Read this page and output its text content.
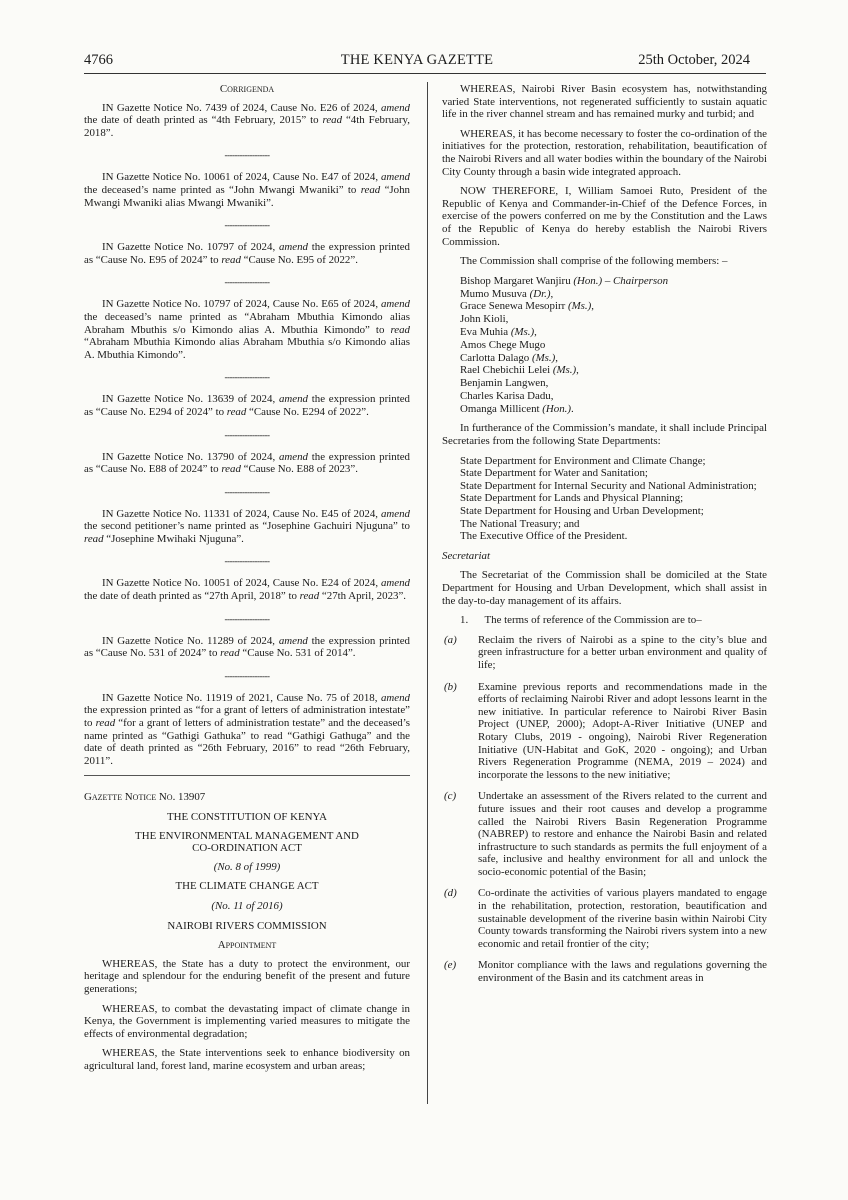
4766	THE KENYA GAZETTE	25th October, 2024

Corrigenda

IN Gazette Notice No. 7439 of 2024, Cause No. E26 of 2024, amend the date of death printed as “4th February, 2015” to read “4th February, 2018”.

------------------

IN Gazette Notice No. 10061 of 2024, Cause No. E47 of 2024, amend the deceased’s name printed as “John Mwangi Mwaniki” to read “John Mwangi Mwaniki alias Mwangi Mwaniki”.

------------------

IN Gazette Notice No. 10797 of 2024, amend the expression printed as “Cause No. E95 of 2024” to read “Cause No. E95 of 2022”.

------------------

IN Gazette Notice No. 10797 of 2024, Cause No. E65 of 2024, amend the deceased’s name printed as “Abraham Mbuthia Kimondo alias Abraham Mbuthis s/o Kimondo alias A. Mbuthia Kimondo” to read “Abraham Mbuthia Kimondo alias Abraham Mbuthia s/o Kimondo alias A. Mbuthia Kimondo”.

------------------

IN Gazette Notice No. 13639 of 2024, amend the expression printed as “Cause No. E294 of 2024” to read “Cause No. E294 of 2022”.

------------------

IN Gazette Notice No. 13790 of 2024, amend the expression printed as “Cause No. E88 of 2024” to read “Cause No. E88 of 2023”.

------------------

IN Gazette Notice No. 11331 of 2024, Cause No. E45 of 2024, amend the second petitioner’s name printed as “Josephine Gachuiri Njuguna” to read “Josephine Mwihaki Njuguna”.

------------------

IN Gazette Notice No. 10051 of 2024, Cause No. E24 of 2024, amend the date of death printed as “27th April, 2018” to read “27th April, 2023”.

------------------

IN Gazette Notice No. 11289 of 2024, amend the expression printed as “Cause No. 531 of 2024” to read “Cause No. 531 of 2014”.

------------------

IN Gazette Notice No. 11919 of 2021, Cause No. 75 of 2018, amend the expression printed as “for a grant of letters of administration intestate” to read “for a grant of letters of administration testate” and the deceased’s name printed as “Gathigi Gathuka” to read “Gathigi Gathuga” and the date of death printed as “26th February, 2016” to read “26th February, 2011”.

Gazette Notice No. 13907

THE CONSTITUTION OF KENYA

THE ENVIRONMENTAL MANAGEMENT AND

CO-ORDINATION ACT

(No. 8 of 1999)

THE CLIMATE CHANGE ACT

(No. 11 of 2016)

NAIROBI RIVERS COMMISSION

Appointment

WHEREAS, the State has a duty to protect the environment, our heritage and splendour for the enduring benefit of the present and future generations;

WHEREAS, to combat the devastating impact of climate change in Kenya, the Government is implementing varied measures to mitigate the effects of environmental degradation;

WHEREAS, the State interventions seek to enhance biodiversity on agricultural land, forest land, marine ecosystem and urban areas;

WHEREAS, Nairobi River Basin ecosystem has, notwithstanding varied State interventions, not regenerated sufficiently to sustain aquatic life in the river channel stream and has remained murky and turbid; and

WHEREAS, it has become necessary to foster the co-ordination of the initiatives for the protection, restoration, rehabilitation, beautification of the Nairobi Rivers and all water bodies within the boundary of the Nairobi City County through a basin wide integrated approach.

NOW THEREFORE, I, William Samoei Ruto, President of the Republic of Kenya and Commander-in-Chief of the Defence Forces, in exercise of the powers conferred on me by the Constitution and the Laws of the Republic of Kenya do hereby establish the Nairobi Rivers Commission.

The Commission shall comprise of the following members: –

Bishop Margaret Wanjiru (Hon.) – Chairperson

Mumo Musuva (Dr.),

Grace Senewa Mesopirr (Ms.),

John Kioli,

Eva Muhia (Ms.),

Amos Chege Mugo

Carlotta Dalago (Ms.),

Rael Chebichii Lelei (Ms.),

Benjamin Langwen,

Charles Karisa Dadu,

Omanga Millicent (Hon.).

In furtherance of the Commission’s mandate, it shall include Principal Secretaries from the following State Departments:

State Department for Environment and Climate Change;

State Department for Water and Sanitation;

State Department for Internal Security and National Administration;

State Department for Lands and Physical Planning;

State Department for Housing and Urban Development;

The National Treasury; and

The Executive Office of the President.

Secretariat

The Secretariat of the Commission shall be domiciled at the State Department for Housing and Urban Development, which shall assist in the day-to-day management of its affairs.

1.  The terms of reference of the Commission are to–

(a)	Reclaim the rivers of Nairobi as a spine to the city’s blue and green infrastructure for a better urban environment and quality of life;
(b)	Examine previous reports and recommendations made in the efforts of reclaiming Nairobi River and adopt lessons learnt in the new initiative. In particular reference to Nairobi River Basin Project (UNEP, 2000); Adopt-A-River Initiative (UNEP and Rotary Clubs, 2019 - ongoing), Nairobi River Regeneration Initiative (UN-Habitat and GoK, 2020 - ongoing); and Urban Rivers Regeneration Programme (NEMA, 2019 – 2024) and incorporate the lessons to the new initiative;
(c)	Undertake an assessment of the Rivers related to the current and future issues and their root causes and develop a programme called the Nairobi Rivers Basin Regeneration Programme (NABREP) to restore and enhance the Nairobi Basin and related infrastructure to such standards as permits the full enjoyment of a safe, inclusive and healthy environment for all and unlock the socio-economic potential of the Basin;
(d)	Co-ordinate the activities of various players mandated to engage in the rehabilitation, protection, restoration, beautification and sustainable development of the riverine basin within Nairobi City County towards transforming the Nairobi rivers system into a new economic and retail frontier of the city;
(e)	Monitor compliance with the laws and regulations governing the environment of the Basin and its catchment areas in
